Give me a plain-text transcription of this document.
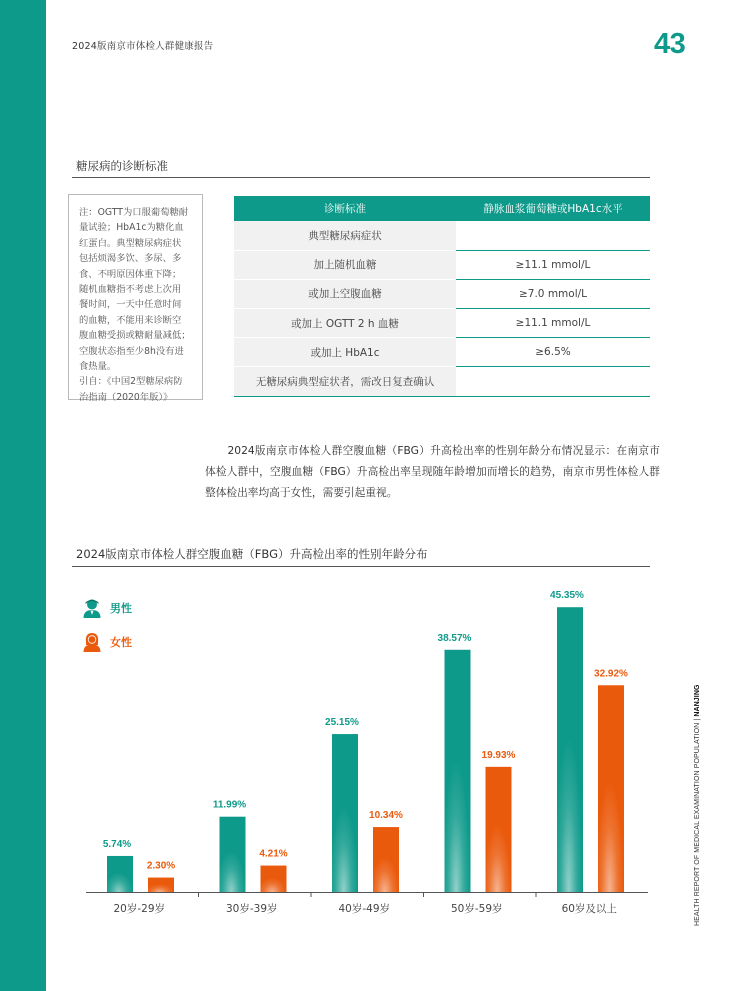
2024版南京市体检人群健康报告	43
糖尿病的诊断标准
注：OGTT为口服葡萄糖耐
量试验；HbA1c为糖化血
红蛋白。典型糖尿病症状
包括烦渴多饮、多尿、多
食、不明原因体重下降；
随机血糖指不考虑上次用
餐时间，一天中任意时间
的血糖，不能用来诊断空
腹血糖受损或糖耐量减低；
空腹状态指至少8h没有进
食热量。
引自：《中国2型糖尿病防
治指南（2020年版）》
诊断标准	静脉血浆葡萄糖或HbA1c水平
典型糖尿病症状	
加上随机血糖	≥11.1 mmol/L
或加上空腹血糖	≥7.0 mmol/L
或加上 OGTT 2 h 血糖	≥11.1 mmol/L
或加上 HbA1c	≥6.5%
无糖尿病典型症状者，需改日复查确认	

2024版南京市体检人群空腹血糖（FBG）升高检出率的性别年龄分布情况显示：在南京市体检人群中，空腹血糖（FBG）升高检出率呈现随年龄增加而增长的趋势，南京市男性体检人群整体检出率均高于女性，需要引起重视。

2024版南京市体检人群空腹血糖（FBG）升高检出率的性别年龄分布
男性
女性
5.74%
2.30%
20岁-29岁
11.99%
4.21%
30岁-39岁
25.15%
10.34%
40岁-49岁
38.57%
19.93%
50岁-59岁
45.35%
32.92%
60岁及以上	HEALTH REPORT OF MEDICAL EXAMINATION POPULATION | NANJING
